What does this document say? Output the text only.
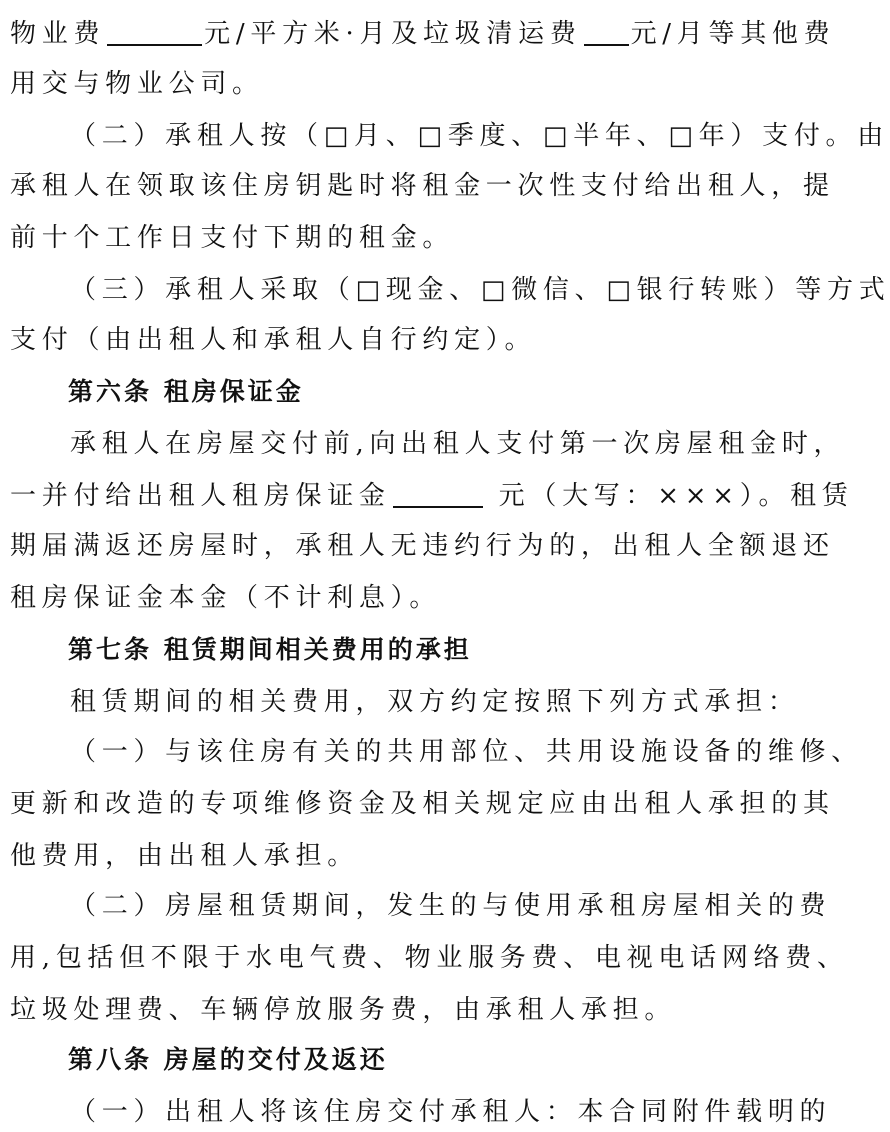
物业费	元/平方米·月及垃圾清运费 元/月等其他费
用交与物业公司。
（二）承租人按（□月、□季度、□半年、□年）支付。由
承租人在领取该住房钥匙时将租金一次性支付给出租人，提
前十个工作日支付下期的租金。
（三）承租人采取（□现金、□微信、□银行转账）等方式
支付（由出租人和承租人自行约定）。
第六条 租房保证金
承租人在房屋交付前,向出租人支付第一次房屋租金时，
一并付给出租人租房保证金	元（大写：×××）。租赁
期届满返还房屋时，承租人无违约行为的，出租人全额退还
租房保证金本金（不计利息）。
第七条 租赁期间相关费用的承担
租赁期间的相关费用，双方约定按照下列方式承担：
（一）与该住房有关的共用部位、共用设施设备的维修、
更新和改造的专项维修资金及相关规定应由出租人承担的其
他费用，由出租人承担。
（二）房屋租赁期间，发生的与使用承租房屋相关的费
用,包括但不限于水电气费、物业服务费、电视电话网络费、
垃圾处理费、车辆停放服务费，由承租人承担。
第八条 房屋的交付及返还
（一）出租人将该住房交付承租人：本合同附件载明的
